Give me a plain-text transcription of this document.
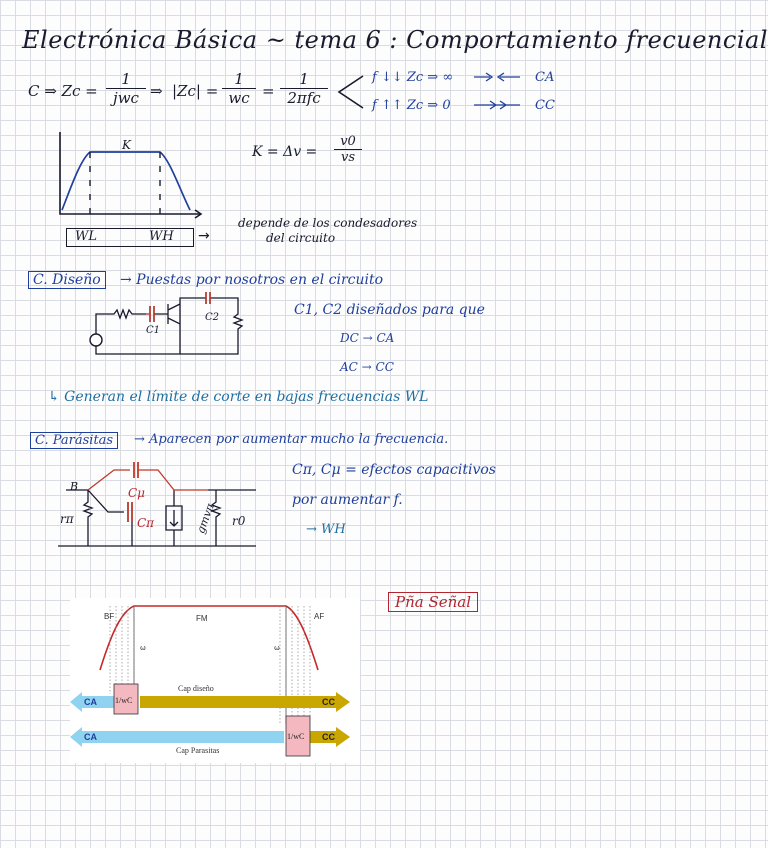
Electrónica Básica ~ tema 6 : Comportamiento frecuencial
C ⇒ Zc =
1
jwc ⇒ $|Zc| = \frac{1}{wc}$ =
1
2πfc
f ↓↓ Zc ⇒ ∞	CA
f ↑↑ Zc ⇒ 0	CC
K	$K = \Delta v = \frac{v0}{vs}$
WL	WH →
depende de los condesadores
del circuito
C. Diseño	→ Puestas por nosotros en el circuito
C1
C2	C1, C2 diseñados para que
DC → CA
AC → CC
↳ Generan el límite de corte en bajas frecuencias WL
C. Parásitas	→ Aparecen por aumentar mucho la frecuencia.
B	Cμ
Cπ
rπ	gmvπ r0
Cπ, Cμ = efectos capacitivos
por aumentar f.
→ WH
Pña Señal
BF	FM	AF
ω	ω
CA 1/wC	CC
Cap diseño
CA	1/wC CC
Cap Parasitas
